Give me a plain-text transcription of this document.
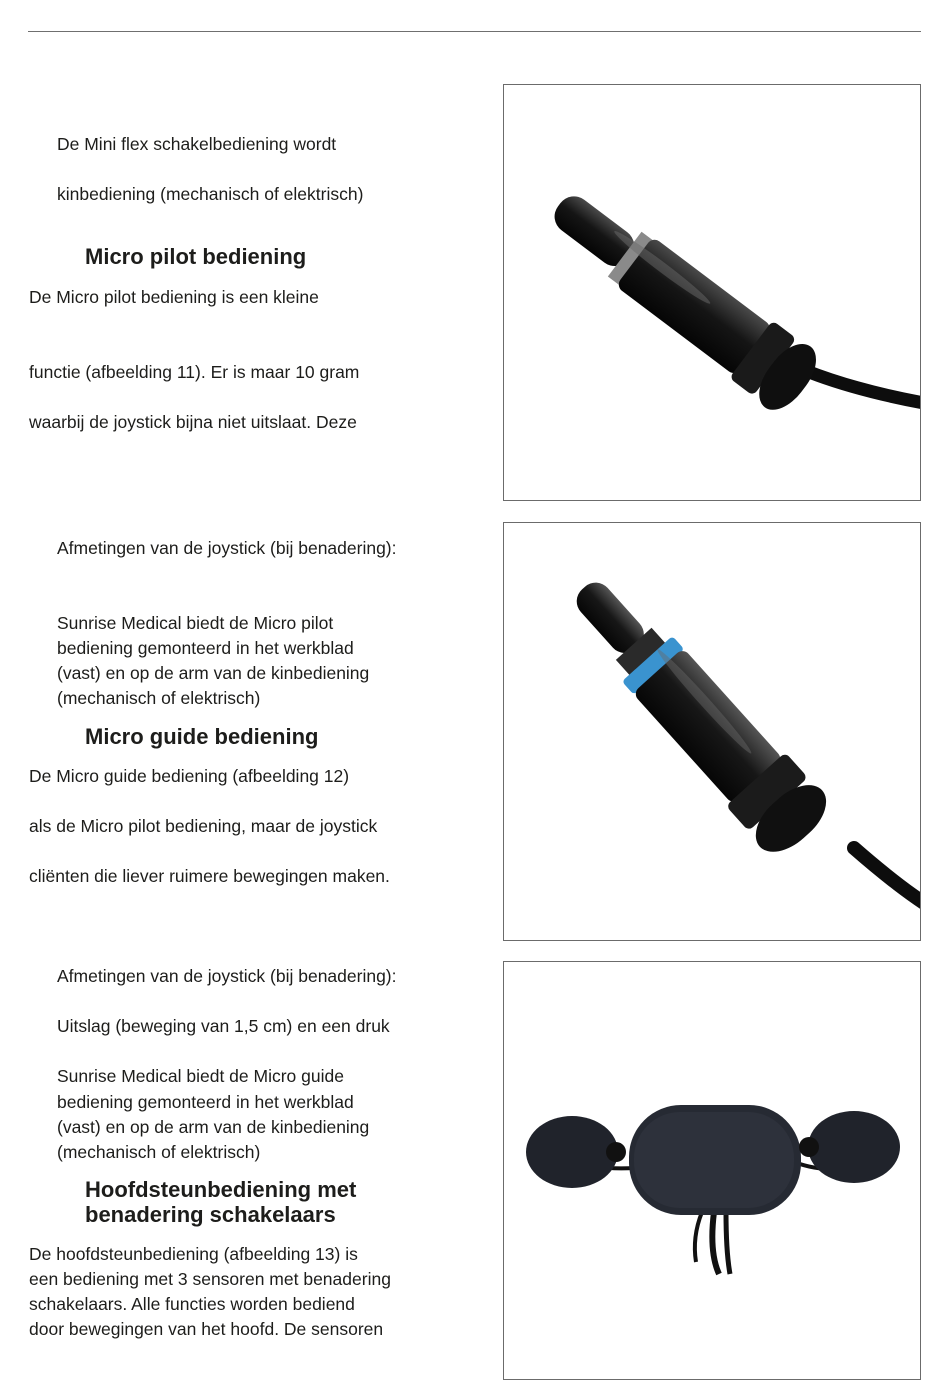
De Mini flex schakelbediening wordt
kinbediening (mechanisch of elektrisch)
Micro pilot bediening
De Micro pilot bediening is een kleine
functie (afbeelding 11). Er is maar 10 gram
waarbij de joystick bijna niet uitslaat. Deze
Afmetingen van de joystick (bij benadering):
Sunrise Medical biedt de Micro pilot
bediening gemonteerd in het werkblad
(vast) en op de arm van de kinbediening
(mechanisch of elektrisch)
Micro guide bediening
De Micro guide bediening (afbeelding 12)
als de Micro pilot bediening, maar de joystick
cliënten die liever ruimere bewegingen maken.
Afmetingen van de joystick (bij benadering):
Uitslag (beweging van 1,5 cm) en een druk
Sunrise Medical biedt de Micro guide
bediening gemonteerd in het werkblad
(vast) en op de arm van de kinbediening
(mechanisch of elektrisch)
Hoofdsteunbediening met
benadering schakelaars
De hoofdsteunbediening (afbeelding 13) is
een bediening met 3 sensoren met benadering
schakelaars. Alle functies worden bediend
door bewegingen van het hoofd. De sensoren
